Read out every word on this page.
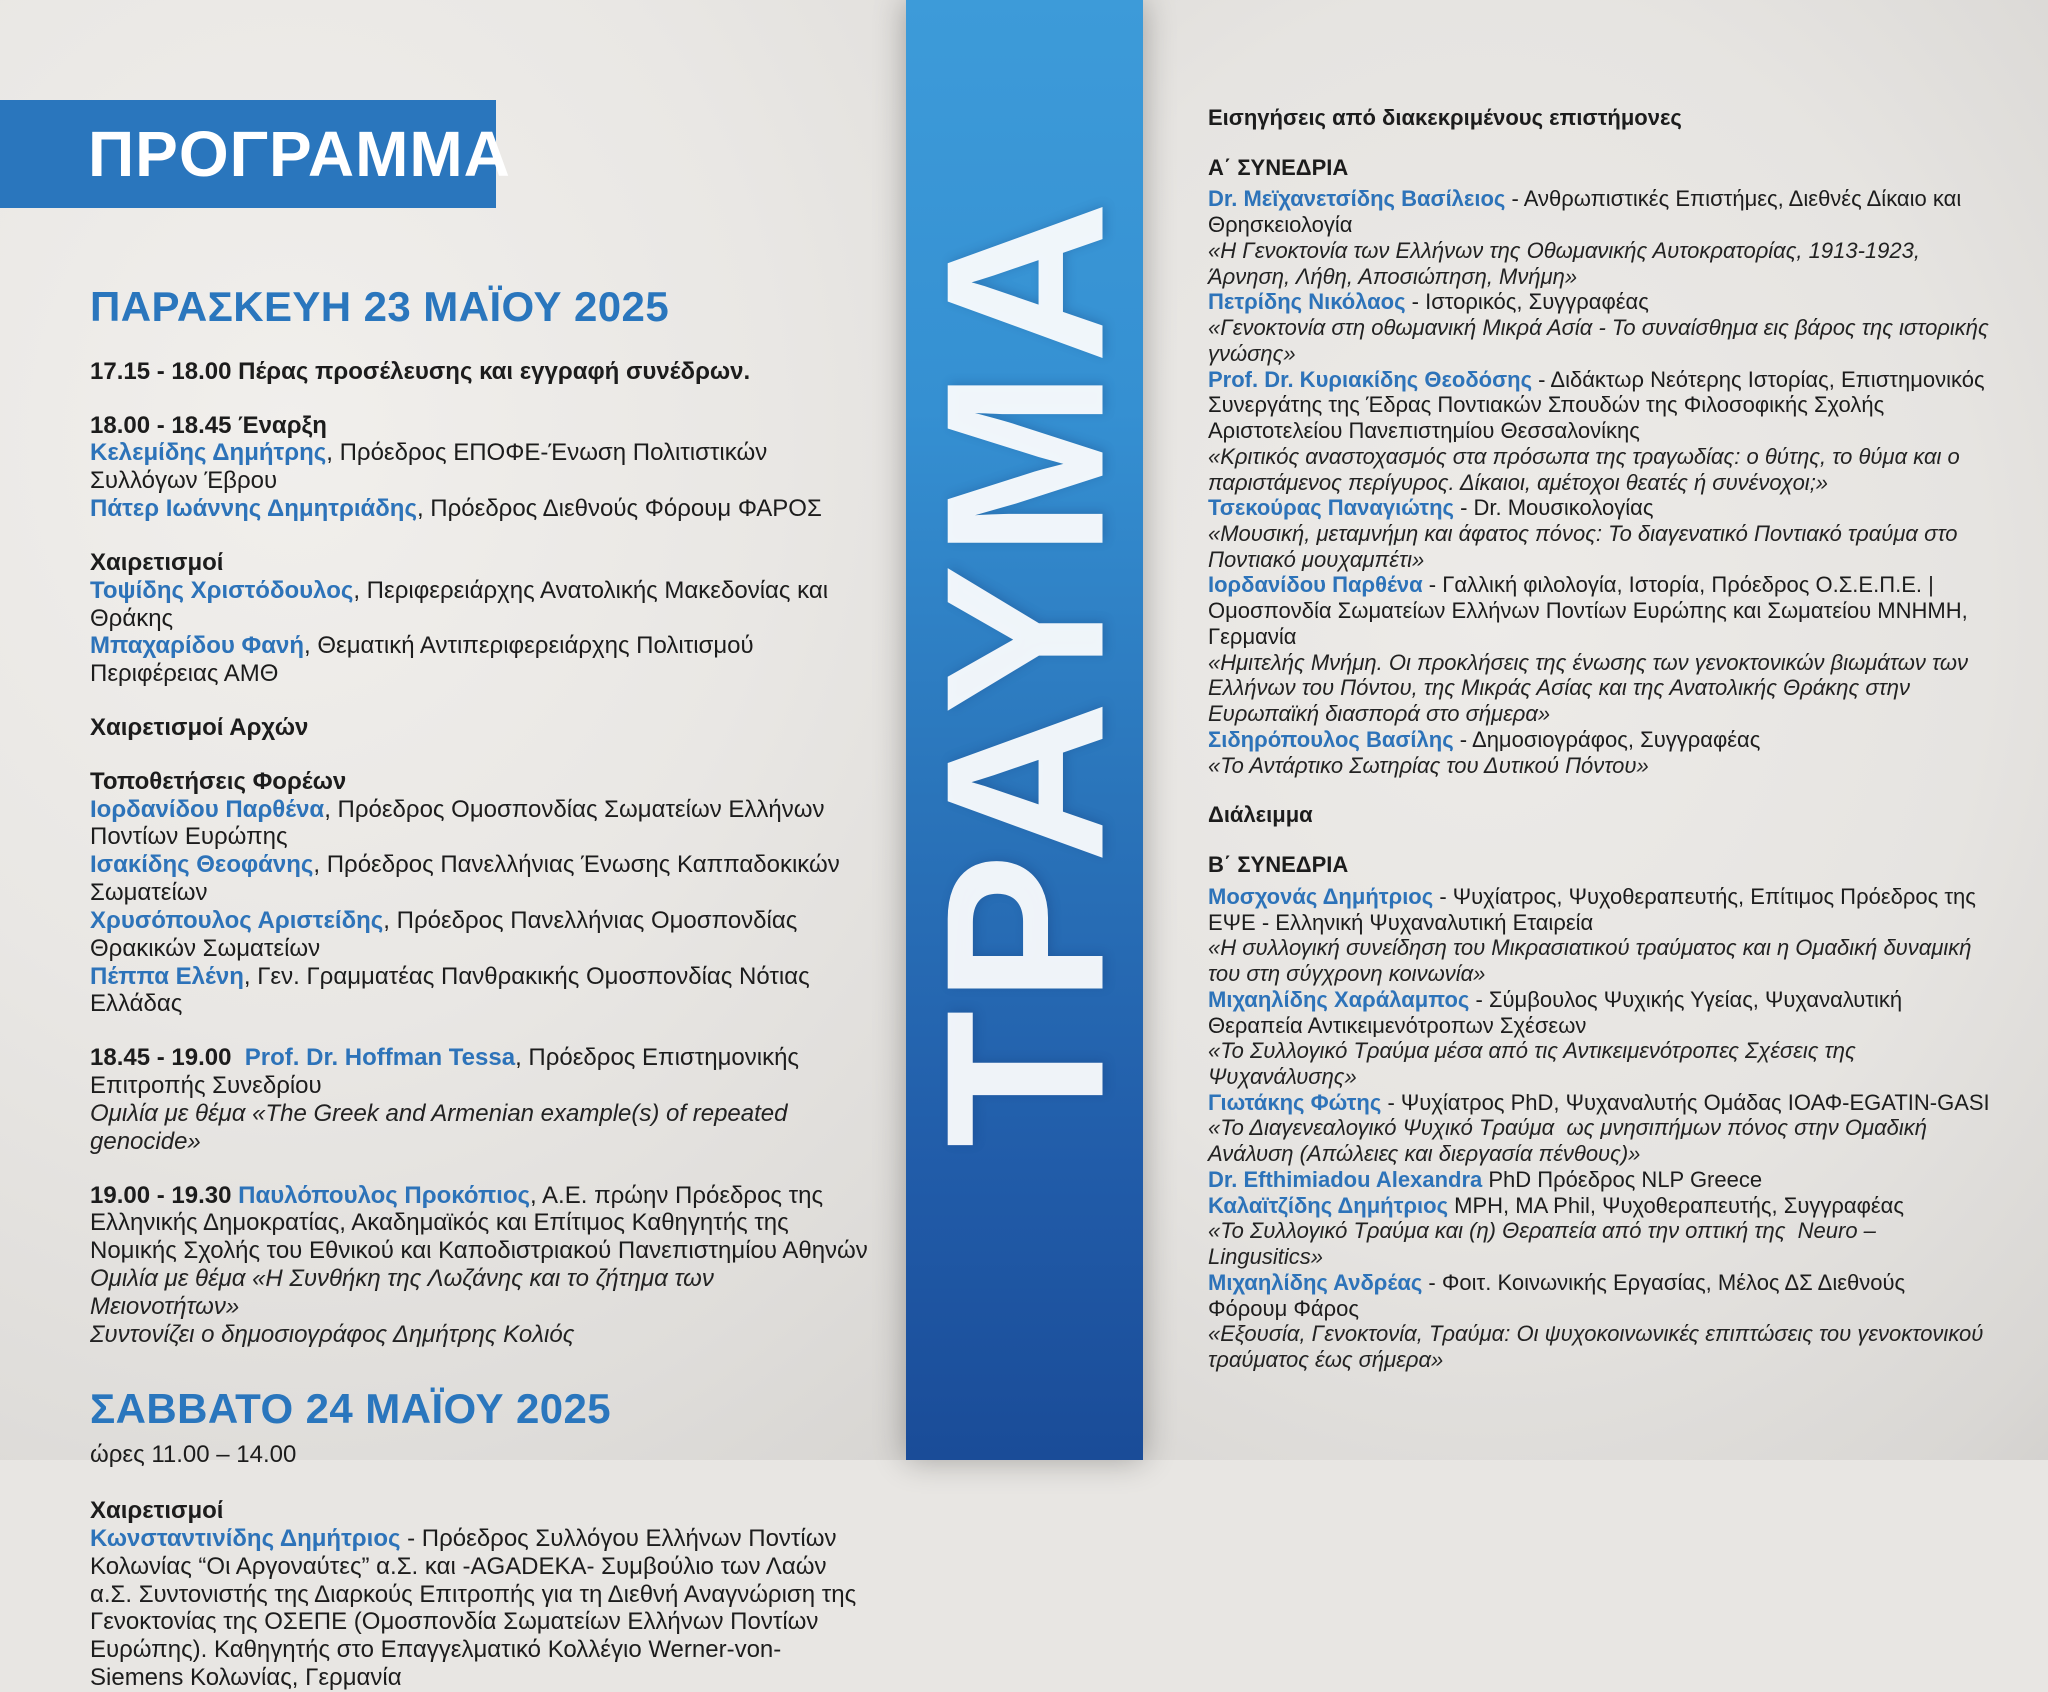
ΤΡΑΥΜΑ
ΠΡΟΓΡΑΜΜΑ
ΠΑΡΑΣΚΕΥΗ 23 ΜΑΪΟΥ 2025

17.15 - 18.00 Πέρας προσέλευσης και εγγραφή συνέδρων.

18.00 - 18.45 Έναρξη
Κελεμίδης Δημήτρης, Πρόεδρος ΕΠΟΦΕ-Ένωση Πολιτιστικών Συλλόγων Έβρου
Πάτερ Ιωάννης Δημητριάδης, Πρόεδρος Διεθνούς Φόρουμ ΦΑΡΟΣ

Χαιρετισμοί
Τοψίδης Χριστόδουλος, Περιφερειάρχης Ανατολικής Μακεδονίας και Θράκης
Μπαχαρίδου Φανή, Θεματική Αντιπεριφερειάρχης Πολιτισμού Περιφέρειας ΑΜΘ

Χαιρετισμοί Αρχών

Τοποθετήσεις Φορέων
Ιορδανίδου Παρθένα, Πρόεδρος Ομοσπονδίας Σωματείων Ελλήνων Ποντίων Ευρώπης
Ισακίδης Θεοφάνης, Πρόεδρος Πανελλήνιας Ένωσης Καππαδοκικών Σωματείων
Χρυσόπουλος Αριστείδης, Πρόεδρος Πανελλήνιας Ομοσπονδίας Θρακικών Σωματείων
Πέππα Ελένη, Γεν. Γραμματέας Πανθρακικής Ομοσπονδίας Νότιας Ελλάδας

18.45 - 19.00  Prof. Dr. Hoffman Tessa, Πρόεδρος Επιστημονικής Επιτροπής Συνεδρίου
Ομιλία με θέμα «The Greek and Armenian example(s) of repeated genocide»

19.00 - 19.30 Παυλόπουλος Προκόπιος, Α.Ε. πρώην Πρόεδρος της Ελληνικής Δημοκρατίας, Ακαδημαϊκός και Επίτιμος Καθηγητής της Νομικής Σχολής του Εθνικού και Καποδιστριακού Πανεπιστημίου Αθηνών
Ομιλία με θέμα «Η Συνθήκη της Λωζάνης και το ζήτημα των Μειονοτήτων»
Συντονίζει ο δημοσιογράφος Δημήτρης Κολιός

ΣΑΒΒΑΤΟ 24 ΜΑΪΟΥ 2025

ώρες 11.00 – 14.00

Χαιρετισμοί
Κωνσταντινίδης Δημήτριος - Πρόεδρος Συλλόγου Ελλήνων Ποντίων Κολωνίας “Οι Αργοναύτες” α.Σ. και -AGADEKA- Συμβούλιο των Λαών α.Σ. Συντονιστής της Διαρκούς Επιτροπής για τη Διεθνή Αναγνώριση της Γενοκτονίας της ΟΣΕΠΕ (Ομοσπονδία Σωματείων Ελλήνων Ποντίων Ευρώπης). Καθηγητής στο Επαγγελματικό Κολλέγιο Werner-von-Siemens Κολωνίας, Γερμανία

Εισηγήσεις από διακεκριμένους επιστήμονες

Α΄ ΣΥΝΕΔΡΙΑ

Dr. Μεϊχανετσίδης Βασίλειος - Ανθρωπιστικές Επιστήμες, Διεθνές Δίκαιο και Θρησκειολογία
«Η Γενοκτονία των Ελλήνων της Οθωμανικής Αυτοκρατορίας, 1913-1923, Άρνηση, Λήθη, Αποσιώπηση, Μνήμη»

Πετρίδης Νικόλαος - Ιστορικός, Συγγραφέας
«Γενοκτονία στη οθωμανική Μικρά Ασία - Το συναίσθημα εις βάρος της ιστορικής γνώσης»

Prof. Dr. Κυριακίδης Θεοδόσης - Διδάκτωρ Νεότερης Ιστορίας, Επιστημονικός Συνεργάτης της Έδρας Ποντιακών Σπουδών της Φιλοσοφικής Σχολής Αριστοτελείου Πανεπιστημίου Θεσσαλονίκης
«Κριτικός αναστοχασμός στα πρόσωπα της τραγωδίας: ο θύτης, το θύμα και ο παριστάμενος περίγυρος. Δίκαιοι, αμέτοχοι θεατές ή συνένοχοι;»

Τσεκούρας Παναγιώτης - Dr. Μουσικολογίας
«Μουσική, μεταμνήμη και άφατος πόνος: Το διαγενατικό Ποντιακό τραύμα στο Ποντιακό μουχαμπέτι»

Ιορδανίδου Παρθένα - Γαλλική φιλολογία, Ιστορία, Πρόεδρος Ο.Σ.Ε.Π.Ε. | Ομοσπονδία Σωματείων Ελλήνων Ποντίων Ευρώπης και Σωματείου ΜΝΗΜΗ, Γερμανία
«Ημιτελής Μνήμη. Οι προκλήσεις της ένωσης των γενοκτονικών βιωμάτων των Ελλήνων του Πόντου, της Μικράς Ασίας και της Ανατολικής Θράκης στην Ευρωπαϊκή διασπορά στο σήμερα»

Σιδηρόπουλος Βασίλης - Δημοσιογράφος, Συγγραφέας
«Το Αντάρτικο Σωτηρίας του Δυτικού Πόντου»

Διάλειμμα

Β΄ ΣΥΝΕΔΡΙΑ

Μοσχονάς Δημήτριος - Ψυχίατρος, Ψυχοθεραπευτής, Επίτιμος Πρόεδρος της ΕΨΕ - Ελληνική Ψυχαναλυτική Εταιρεία
«Η συλλογική συνείδηση του Μικρασιατικού τραύματος και η Ομαδική δυναμική του στη σύγχρονη κοινωνία»

Μιχαηλίδης Χαράλαμπος - Σύμβουλος Ψυχικής Υγείας, Ψυχαναλυτική Θεραπεία Αντικειμενότροπων Σχέσεων
«Το Συλλογικό Τραύμα μέσα από τις Αντικειμενότροπες Σχέσεις της Ψυχανάλυσης»

Γιωτάκης Φώτης - Ψυχίατρος PhD, Ψυχαναλυτής Ομάδας ΙΟΑΦ-EGATIN-GASI
«Το Διαγενεαλογικό Ψυχικό Τραύμα  ως μνησιπήμων πόνος στην Ομαδική Ανάλυση (Απώλειες και διεργασία πένθους)»

Dr. Efthimiadou Alexandra PhD Πρόεδρος NLP Greece

Καλαϊτζίδης Δημήτριος MPH, MA Phil, Ψυχοθεραπευτής, Συγγραφέας
«Το Συλλογικό Τραύμα και (η) Θεραπεία από την οπτική της  Neuro – Lingusitics»

Μιχαηλίδης Ανδρέας - Φοιτ. Κοινωνικής Εργασίας, Μέλος ΔΣ Διεθνούς Φόρουμ Φάρος
«Εξουσία, Γενοκτονία, Τραύμα: Οι ψυχοκοινωνικές επιπτώσεις του γενοκτονικού τραύματος έως σήμερα»
